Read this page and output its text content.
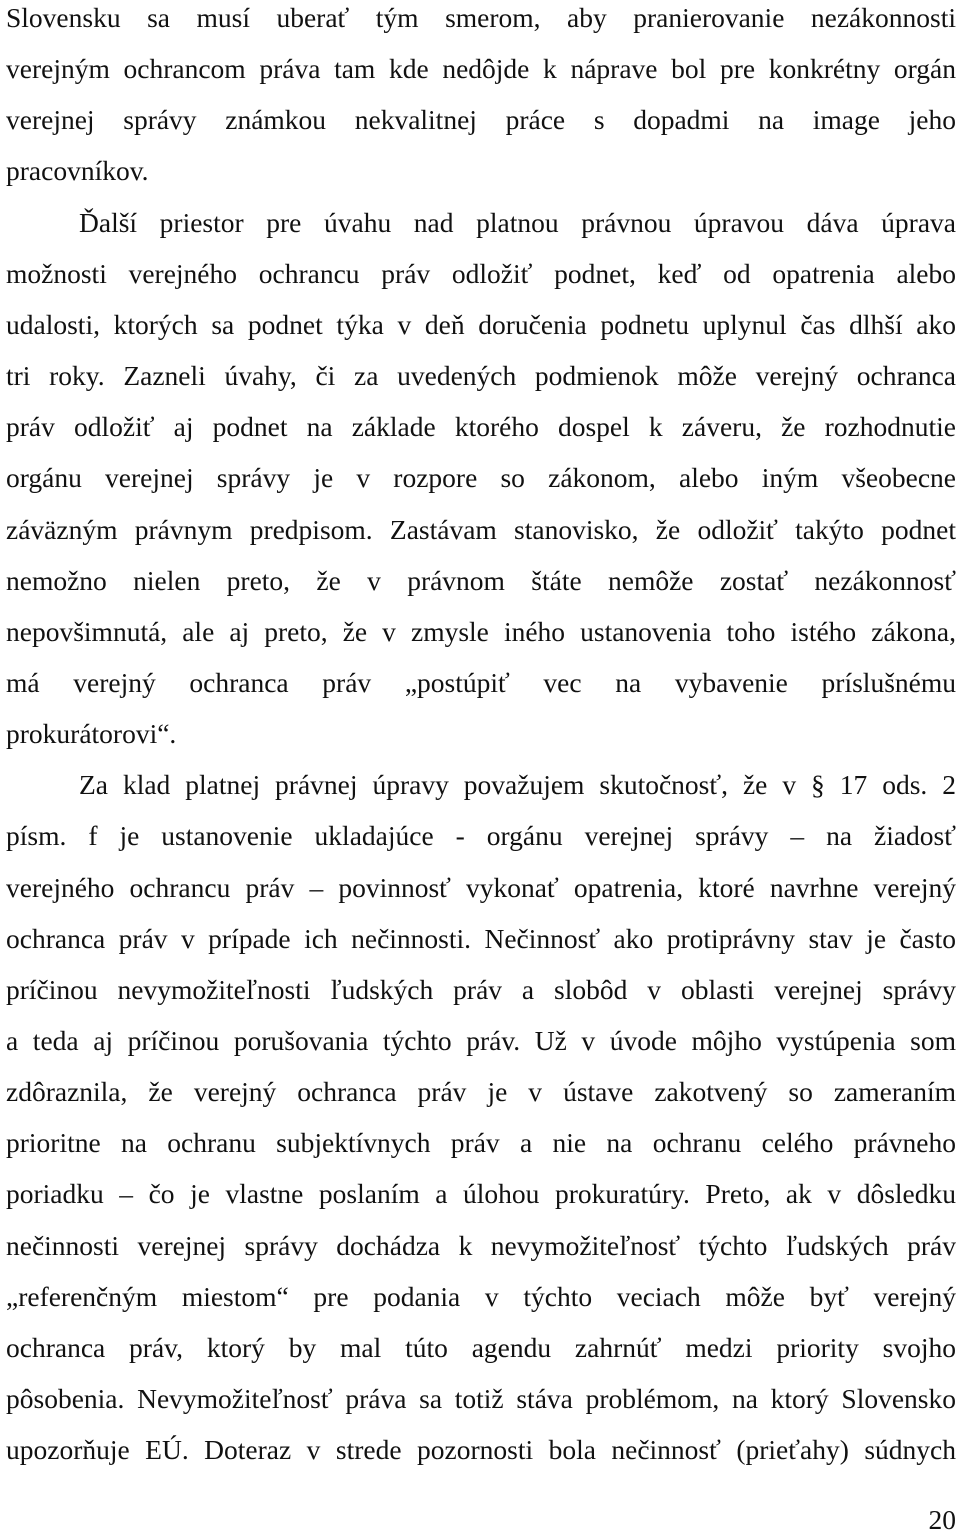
Slovensku sa musí uberať tým smerom, aby pranierovanie nezákonnosti
verejným ochrancom práva tam kde nedôjde k náprave bol pre konkrétny orgán
verejnej správy známkou nekvalitnej práce s dopadmi na image jeho
pracovníkov.
Ďalší priestor pre úvahu nad platnou právnou úpravou dáva úprava
možnosti verejného ochrancu práv odložiť podnet, keď od opatrenia alebo
udalosti, ktorých sa podnet týka v deň doručenia podnetu uplynul čas dlhší ako
tri roky. Zazneli úvahy, či za uvedených podmienok môže verejný ochranca
práv odložiť aj podnet na základe ktorého dospel k záveru, že rozhodnutie
orgánu verejnej správy je v rozpore so zákonom, alebo iným všeobecne
záväzným právnym predpisom. Zastávam stanovisko, že odložiť takýto podnet
nemožno nielen preto, že v právnom štáte nemôže zostať nezákonnosť
nepovšimnutá, ale aj preto, že v zmysle iného ustanovenia toho istého zákona,
má verejný ochranca práv „postúpiť vec na vybavenie príslušnému
prokurátorovi“.
Za klad platnej právnej úpravy považujem skutočnosť, že v § 17 ods. 2
písm. f je ustanovenie ukladajúce - orgánu verejnej správy – na žiadosť
verejného ochrancu práv – povinnosť vykonať opatrenia, ktoré navrhne verejný
ochranca práv v prípade ich nečinnosti. Nečinnosť ako protiprávny stav je často
príčinou nevymožiteľnosti ľudských práv a slobôd v oblasti verejnej správy
a teda aj príčinou porušovania týchto práv. Už v úvode môjho vystúpenia som
zdôraznila, že verejný ochranca práv je v ústave zakotvený so zameraním
prioritne na ochranu subjektívnych práv a nie na ochranu celého právneho
poriadku – čo je vlastne poslaním a úlohou prokuratúry. Preto, ak v dôsledku
nečinnosti verejnej správy dochádza k nevymožiteľnosť týchto ľudských práv
„referenčným miestom“ pre podania v týchto veciach môže byť verejný
ochranca práv, ktorý by mal túto agendu zahrnúť medzi priority svojho
pôsobenia. Nevymožiteľnosť práva sa totiž stáva problémom, na ktorý Slovensko
upozorňuje EÚ. Doteraz v strede pozornosti bola nečinnosť (prieťahy) súdnych
20
